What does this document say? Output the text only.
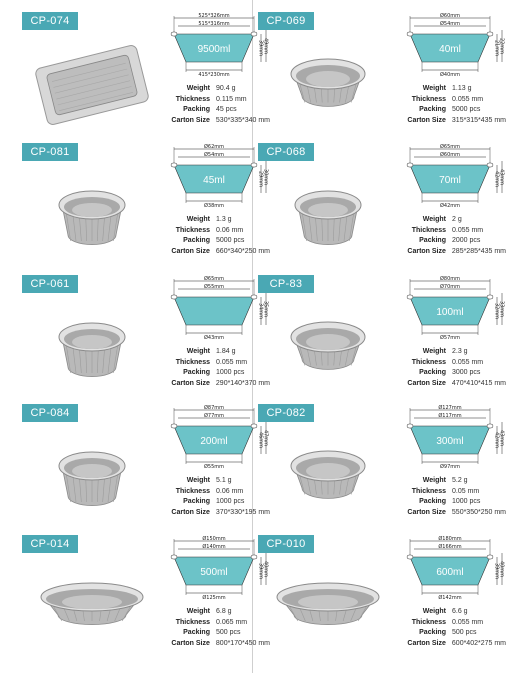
CP-074	525*326mm
515*316mm
9500ml
415*230mm
39mm 49mm
Weight 90.4 g
Thickness 0.115 mm
Packing 45 pcs
Carton Size 530*335*340 mm
CP-069	Ø60mm
Ø54mm
40ml
Ø40mm
21mm 22mm
Weight 1.13 g
Thickness 0.055 mm
Packing 5000 pcs
Carton Size 315*315*435 mm
CP-081	Ø62mm
Ø54mm
45ml
Ø38mm
29mm 30mm
Weight 1.3 g
Thickness 0.06 mm
Packing 5000 pcs
Carton Size 660*340*250 mm
CP-068	Ø65mm
Ø60mm
70ml
Ø42mm
42mm 43mm
Weight 2 g
Thickness 0.055 mm
Packing 2000 pcs
Carton Size 285*285*435 mm
CP-061	Ø65mm
Ø55mm
Ø43mm
34mm 35mm
Weight 1.84 g
Thickness 0.055 mm
Packing 1000 pcs
Carton Size 290*140*370 mm
CP-83	Ø80mm
Ø70mm
100ml
Ø57mm
32mm 33mm
Weight 2.3 g
Thickness 0.055 mm
Packing 3000 pcs
Carton Size 470*410*415 mm
CP-084	Ø87mm
Ø77mm
200ml
Ø55mm
46mm 47mm
Weight 5.1 g
Thickness 0.06 mm
Packing 1000 pcs
Carton Size 370*330*195 mm
CP-082	Ø127mm
Ø117mm
300ml
Ø97mm
42mm 43mm
Weight 5.2 g
Thickness 0.05 mm
Packing 1000 pcs
Carton Size 550*350*250 mm
CP-014	Ø150mm
Ø140mm
500ml
Ø125mm
39mm 40mm
Weight 6.8 g
Thickness 0.065 mm
Packing 500 pcs
Carton Size 800*170*450 mm
CP-010	Ø180mm
Ø166mm
600ml
Ø142mm
39mm 40mm
Weight 6.6 g
Thickness 0.055 mm
Packing 500 pcs
Carton Size 600*402*275 mm
